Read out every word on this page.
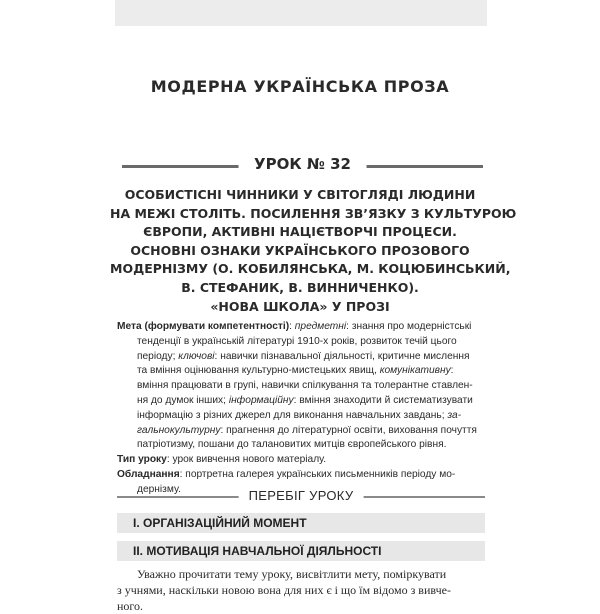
МОДЕРНА УКРАЇНСЬКА ПРОЗА
УРОК № 32
ОСОБИСТІСНІ ЧИННИКИ У СВІТОГЛЯДІ ЛЮДИНИ
НА МЕЖІ СТОЛІТЬ. ПОСИЛЕННЯ ЗВ’ЯЗКУ З КУЛЬТУРОЮ
ЄВРОПИ, АКТИВНІ НАЦІЄТВОРЧІ ПРОЦЕСИ.
ОСНОВНІ ОЗНАКИ УКРАЇНСЬКОГО ПРОЗОВОГО
МОДЕРНІЗМУ (О. КОБИЛЯНСЬКА, М. КОЦЮБИНСЬКИЙ,
В. СТЕФАНИК, В. ВИННИЧЕНКО).
«НОВА ШКОЛА» У ПРОЗІ
Мета (формувати компетентності): предметні: знання про модерністські
тенденції в українській літературі 1910-х років, розвиток течій цього
періоду; ключові: навички пізнавальної діяльності, критичне мислення
та вміння оцінювання культурно-мистецьких явищ, комунікативну:
вміння працювати в групі, навички спілкування та толерантне ставлен-
ня до думок інших; інформаційну: вміння знаходити й систематизувати
інформацію з різних джерел для виконання навчальних завдань; за-
гальнокультурну: прагнення до літературної освіти, виховання почуття
патріотизму, пошани до талановитих митців європейського рівня.
Тип уроку: урок вивчення нового матеріалу.
Обладнання: портретна галерея українських письменників періоду мо-
дернізму.	ПЕРЕБІГ УРОКУ
I. ОРГАНІЗАЦІЙНИЙ МОМЕНТ
II. МОТИВАЦІЯ НАВЧАЛЬНОЇ ДІЯЛЬНОСТІ
Уважно прочитати тему уроку, висвітлити мету, поміркувати
з учнями, наскільки новою вона для них є і що їм відомо з вивче-
ного.
